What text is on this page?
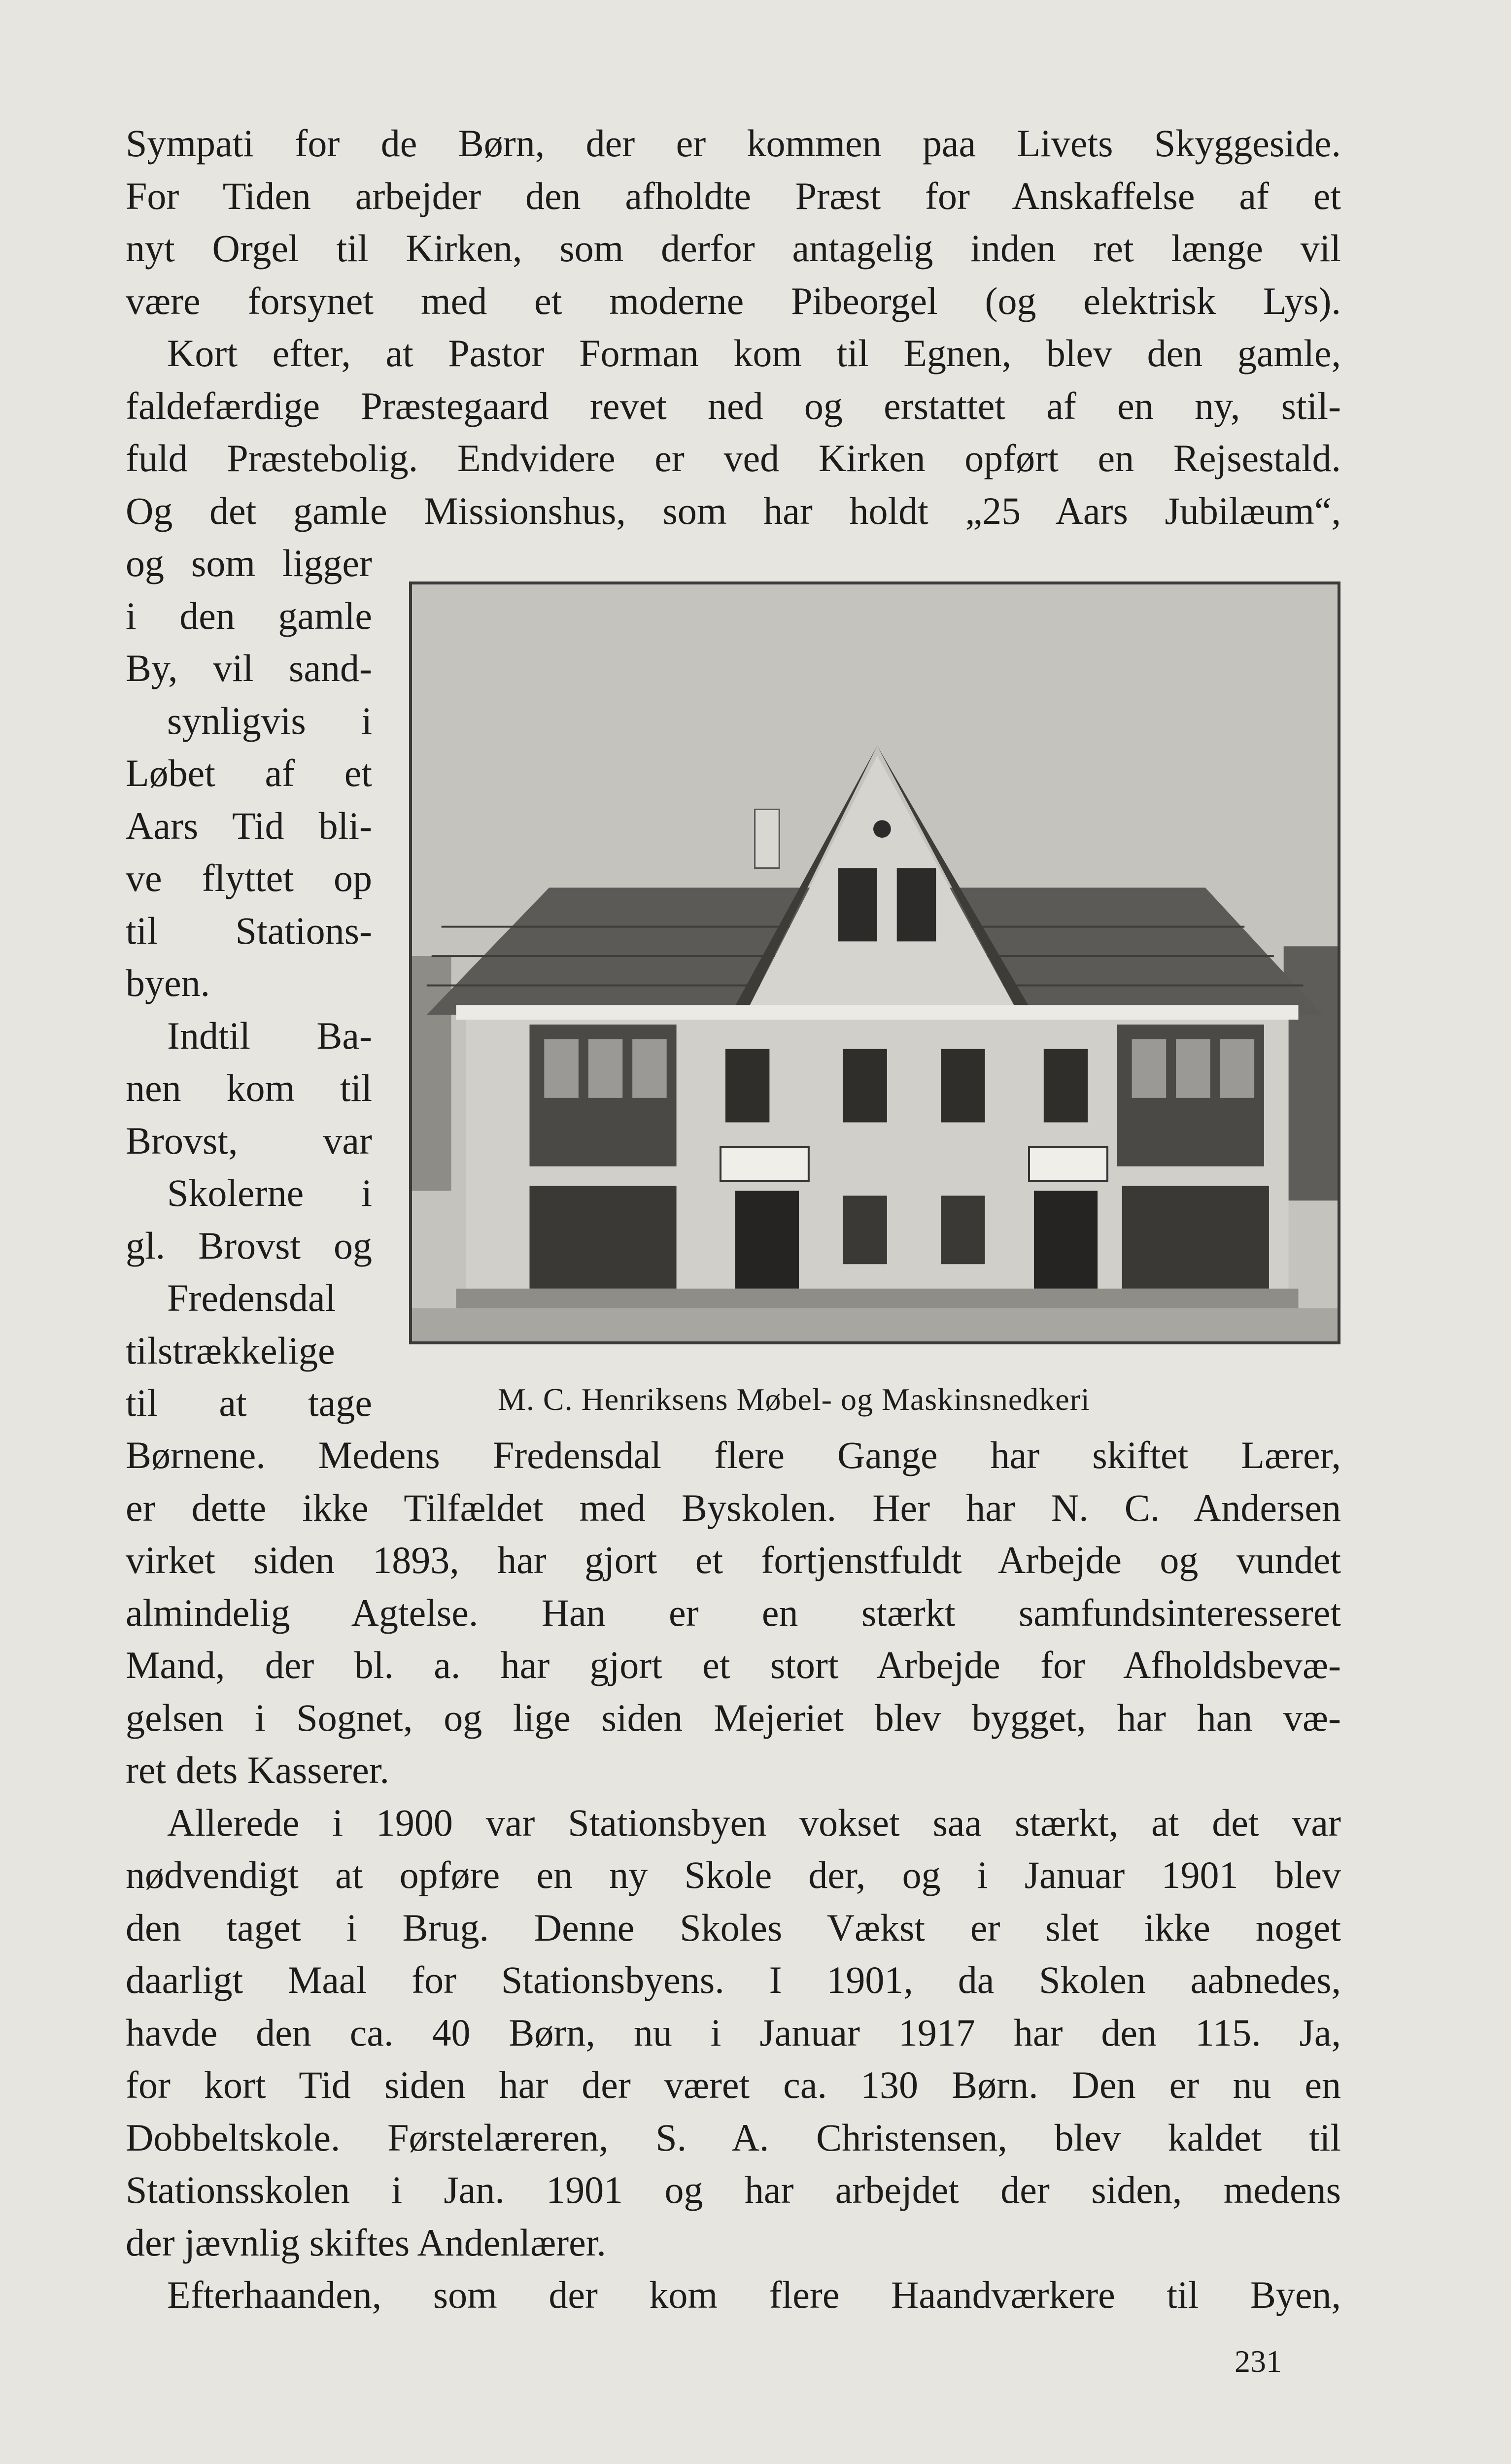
Sympati for de Børn, der er kommen paa Livets Skyggeside.
For Tiden arbejder den afholdte Præst for Anskaffelse af et
nyt Orgel til Kirken, som derfor antagelig inden ret længe vil
være forsynet med et moderne Pibeorgel (og elektrisk Lys).
Kort efter, at Pastor Forman kom til Egnen, blev den gamle,
faldefærdige Præstegaard revet ned og erstattet af en ny, stil-
fuld Præstebolig. Endvidere er ved Kirken opført en Rejsestald.
Og det gamle Missionshus, som har holdt „25 Aars Jubilæum“,
og som ligger
i den gamle
By, vil sand-
synligvis i
Løbet af et
Aars Tid bli-
ve flyttet op
til Stations-
byen.
Indtil Ba-
nen kom til
Brovst, var
Skolerne i
gl. Brovst og
Fredensdal
tilstrækkelige
til at tage	M. C. Henriksens Møbel- og Maskinsnedkeri
Børnene. Medens Fredensdal flere Gange har skiftet Lærer,
er dette ikke Tilfældet med Byskolen. Her har N. C. Andersen
virket siden 1893, har gjort et fortjenstfuldt Arbejde og vundet
almindelig Agtelse. Han er en stærkt samfundsinteresseret
Mand, der bl. a. har gjort et stort Arbejde for Afholdsbevæ-
gelsen i Sognet, og lige siden Mejeriet blev bygget, har han væ-
ret dets Kasserer.
Allerede i 1900 var Stationsbyen vokset saa stærkt, at det var
nødvendigt at opføre en ny Skole der, og i Januar 1901 blev
den taget i Brug. Denne Skoles Vækst er slet ikke noget
daarligt Maal for Stationsbyens. I 1901, da Skolen aabnedes,
havde den ca. 40 Børn, nu i Januar 1917 har den 115. Ja,
for kort Tid siden har der været ca. 130 Børn. Den er nu en
Dobbeltskole. Førstelæreren, S. A. Christensen, blev kaldet til
Stationsskolen i Jan. 1901 og har arbejdet der siden, medens
der jævnlig skiftes Andenlærer.
Efterhaanden, som der kom flere Haandværkere til Byen,
231
